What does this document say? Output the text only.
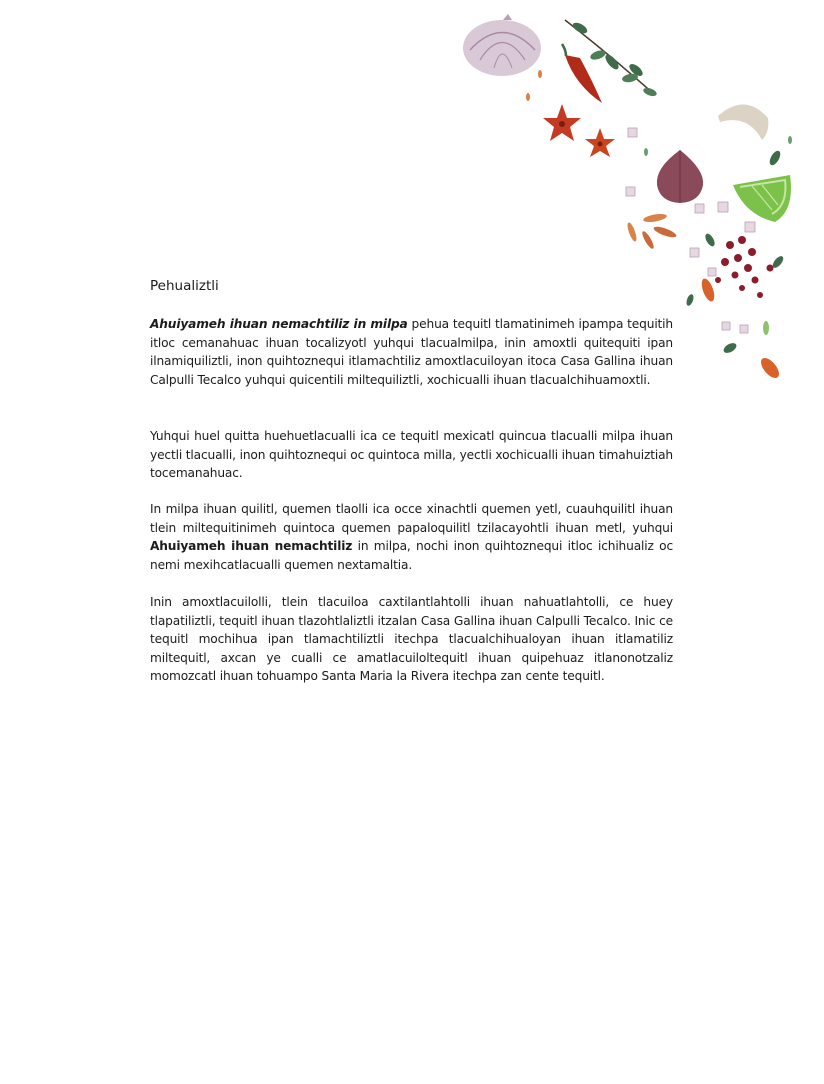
Pehualiztli

Ahuiyameh ihuan nemachtiliz in milpa pehua tequitl tlamatinimeh ipampa tequitih itloc cemanahuac ihuan tocalizyotl yuhqui tlacualmilpa, inin amoxtli quitequiti ipan ilnamiquiliztli, inon quihtoznequi itlamachtiliz amoxtlacuiloyan itoca Casa Gallina ihuan Calpulli Tecalco yuhqui quicentili miltequiliztli, xochicualli ihuan tlacualchihuamoxtli.

Yuhqui huel quitta huehuetlacualli ica ce tequitl mexicatl quincua tlacualli milpa ihuan yectli tlacualli, inon quihtoznequi oc quintoca milla, yectli xochicualli ihuan timahuiztiah tocemanahuac.

In milpa ihuan quilitl, quemen tlaolli ica occe xinachtli quemen yetl, cuauhquilitl ihuan tlein miltequitinimeh quintoca quemen papaloquilitl tzilacayohtli ihuan metl, yuhqui Ahuiyameh ihuan nemachtiliz in milpa, nochi inon quihtoznequi itloc ichihualiz oc nemi mexihcatlacualli quemen nextamaltia.

Inin amoxtlacuilolli, tlein tlacuiloa caxtilantlahtolli ihuan nahuatlahtolli, ce huey tlapatiliztli, tequitl ihuan tlazohtlaliztli itzalan Casa Gallina ihuan Calpulli Tecalco. Inic ce tequitl mochihua ipan tlamachtiliztli itechpa tlacualchihualoyan ihuan itlamatiliz miltequitl, axcan ye cualli ce amatlacuiloltequitl ihuan quipehuaz itlanonotzaliz momozcatl ihuan tohuampo Santa Maria la Rivera itechpa zan cente tequitl.
